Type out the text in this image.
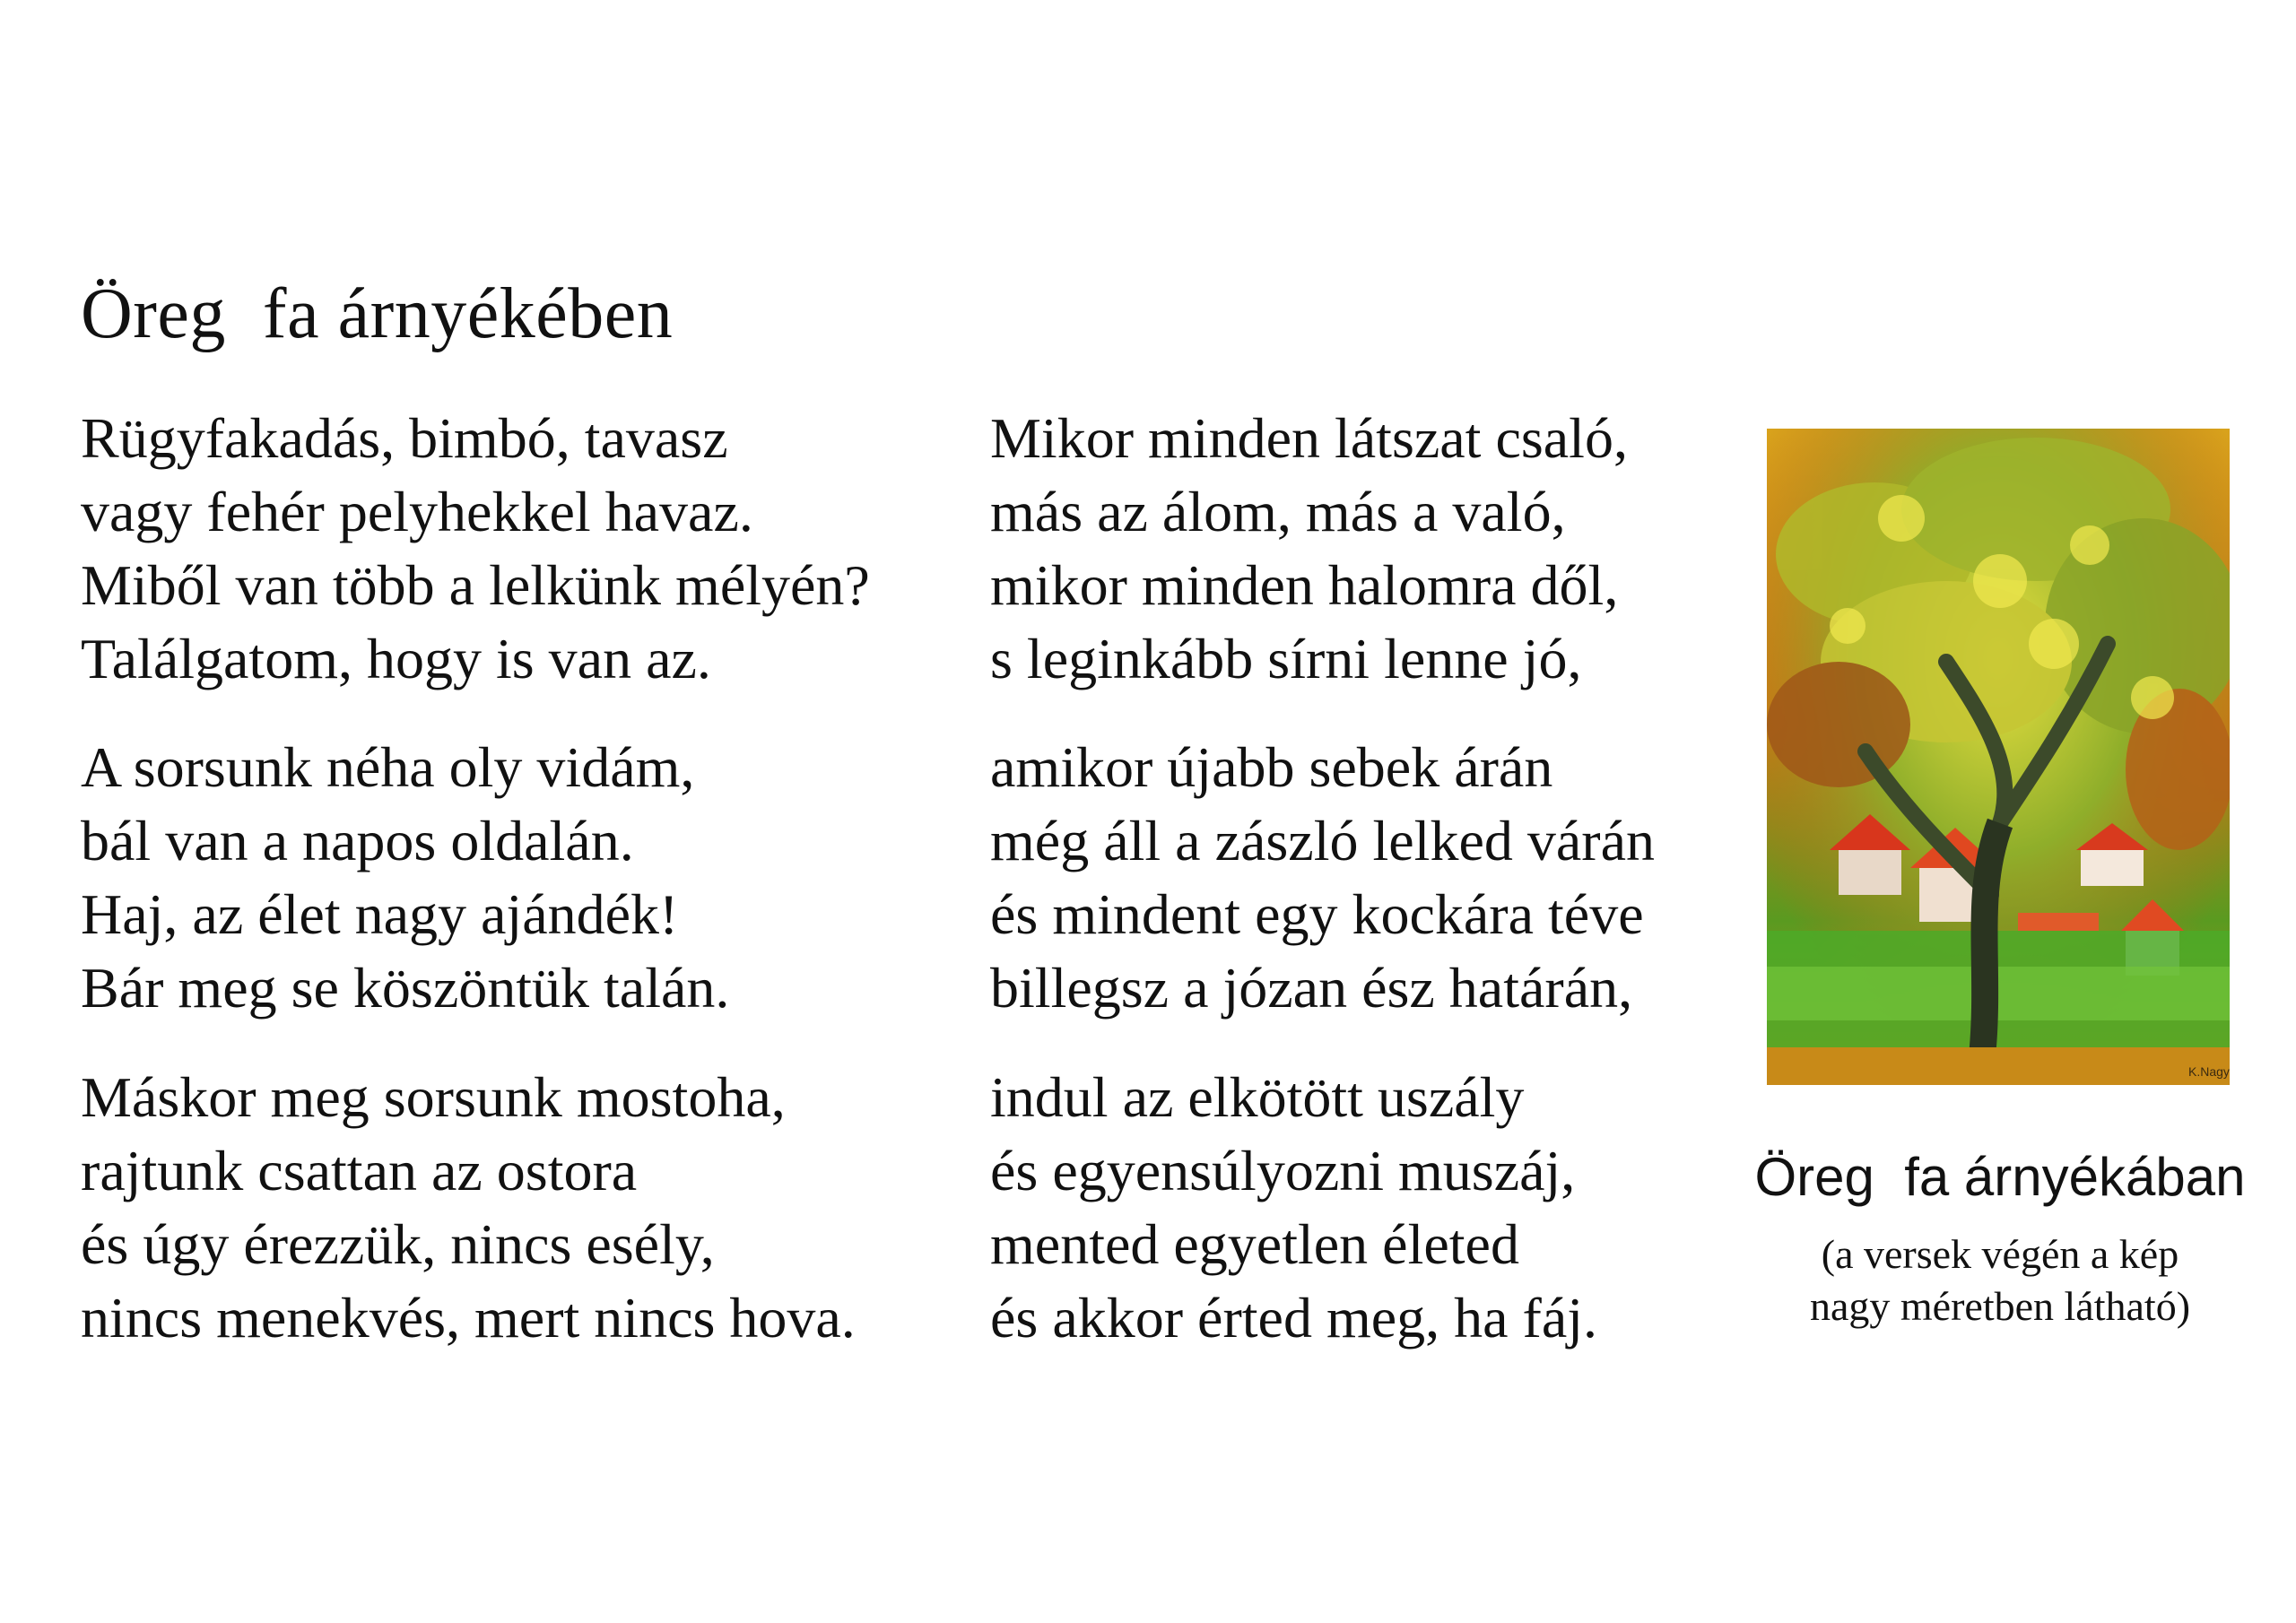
Öreg  fa árnyékében
Rügyfakadás, bimbó, tavasz
vagy fehér pelyhekkel havaz.
Miből van több a lelkünk mélyén?
Találgatom, hogy is van az.
A sorsunk néha oly vidám,
bál van a napos oldalán.
Haj, az élet nagy ajándék!
Bár meg se köszöntük talán.
Máskor meg sorsunk mostoha,
rajtunk csattan az ostora
és úgy érezzük, nincs esély,
nincs menekvés, mert nincs hova.
Mikor minden látszat csaló,
más az álom, más a való,
mikor minden halomra dől,
s leginkább sírni lenne jó,
amikor újabb sebek árán
még áll a zászló lelked várán
és mindent egy kockára téve
billegsz a józan ész határán,
indul az elkötött uszály
és egyensúlyozni muszáj,
mented egyetlen életed
és akkor érted meg, ha fáj.
K.Nagy
Öreg  fa árnyékában
(a versek végén a kép
nagy méretben látható)
